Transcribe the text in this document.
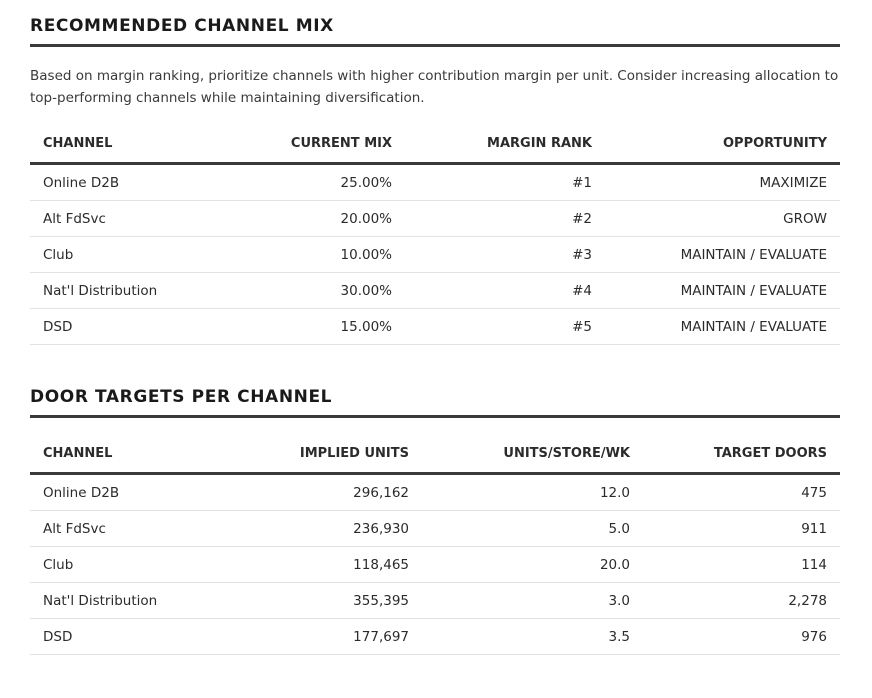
RECOMMENDED CHANNEL MIX

Based on margin ranking, prioritize channels with higher contribution margin per unit. Consider increasing allocation to top-performing channels while maintaining diversification.

CHANNEL	CURRENT MIX	MARGIN RANK	OPPORTUNITY
Online D2B	25.00%	#1	MAXIMIZE
Alt FdSvc	20.00%	#2	GROW
Club	10.00%	#3	MAINTAIN / EVALUATE
Nat'l Distribution	30.00%	#4	MAINTAIN / EVALUATE
DSD	15.00%	#5	MAINTAIN / EVALUATE
DOOR TARGETS PER CHANNEL
CHANNEL	IMPLIED UNITS	UNITS/STORE/WK	TARGET DOORS
Online D2B	296,162	12.0	475
Alt FdSvc	236,930	5.0	911
Club	118,465	20.0	114
Nat'l Distribution	355,395	3.0	2,278
DSD	177,697	3.5	976
